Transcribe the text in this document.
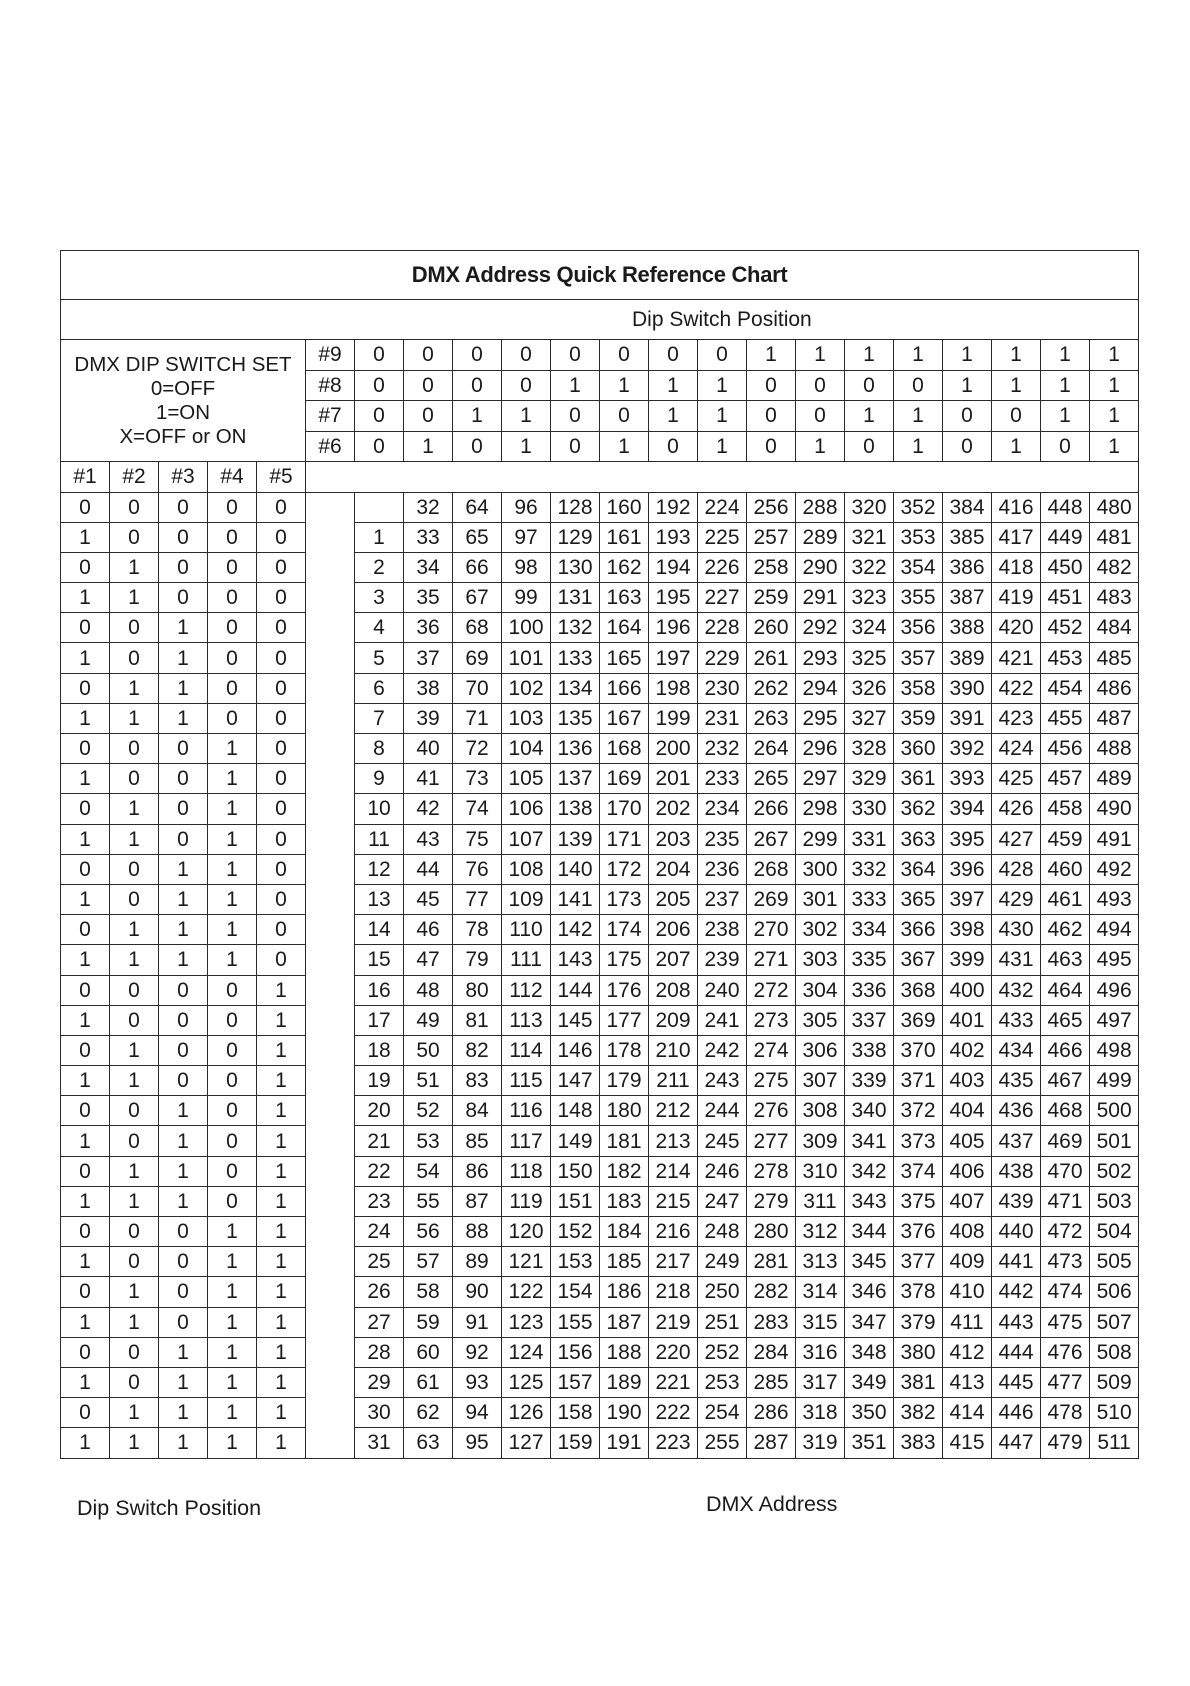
DMX Address Quick Reference Chart																					
					Dip Switch Position																

DMX DIP SWITCH SET
0=OFF
1=ON
X=OFF or ON					#9	0	0	0	0	0	0	0	0	1	1	1	1	1	1	1	1
					#8	0	0	0	0	1	1	1	1	0	0	0	0	1	1	1	1
					#7	0	0	1	1	0	0	1	1	0	0	1	1	0	0	1	1
					#6	0	1	0	1	0	1	0	1	0	1	0	1	0	1	0	1
#1	#2	#3	#4	#5																	
0	0	0	0	0			32	64	96	128	160	192	224	256	288	320	352	384	416	448	480
1	0	0	0	0		1	33	65	97	129	161	193	225	257	289	321	353	385	417	449	481
0	1	0	0	0		2	34	66	98	130	162	194	226	258	290	322	354	386	418	450	482
1	1	0	0	0		3	35	67	99	131	163	195	227	259	291	323	355	387	419	451	483
0	0	1	0	0		4	36	68	100	132	164	196	228	260	292	324	356	388	420	452	484
1	0	1	0	0		5	37	69	101	133	165	197	229	261	293	325	357	389	421	453	485
0	1	1	0	0		6	38	70	102	134	166	198	230	262	294	326	358	390	422	454	486
1	1	1	0	0		7	39	71	103	135	167	199	231	263	295	327	359	391	423	455	487
0	0	0	1	0		8	40	72	104	136	168	200	232	264	296	328	360	392	424	456	488
1	0	0	1	0		9	41	73	105	137	169	201	233	265	297	329	361	393	425	457	489
0	1	0	1	0		10	42	74	106	138	170	202	234	266	298	330	362	394	426	458	490
1	1	0	1	0		11	43	75	107	139	171	203	235	267	299	331	363	395	427	459	491
0	0	1	1	0		12	44	76	108	140	172	204	236	268	300	332	364	396	428	460	492
1	0	1	1	0		13	45	77	109	141	173	205	237	269	301	333	365	397	429	461	493
0	1	1	1	0		14	46	78	110	142	174	206	238	270	302	334	366	398	430	462	494
1	1	1	1	0		15	47	79	111	143	175	207	239	271	303	335	367	399	431	463	495
0	0	0	0	1		16	48	80	112	144	176	208	240	272	304	336	368	400	432	464	496
1	0	0	0	1		17	49	81	113	145	177	209	241	273	305	337	369	401	433	465	497
0	1	0	0	1		18	50	82	114	146	178	210	242	274	306	338	370	402	434	466	498
1	1	0	0	1		19	51	83	115	147	179	211	243	275	307	339	371	403	435	467	499
0	0	1	0	1		20	52	84	116	148	180	212	244	276	308	340	372	404	436	468	500
1	0	1	0	1		21	53	85	117	149	181	213	245	277	309	341	373	405	437	469	501
0	1	1	0	1		22	54	86	118	150	182	214	246	278	310	342	374	406	438	470	502
1	1	1	0	1		23	55	87	119	151	183	215	247	279	311	343	375	407	439	471	503
0	0	0	1	1		24	56	88	120	152	184	216	248	280	312	344	376	408	440	472	504
1	0	0	1	1		25	57	89	121	153	185	217	249	281	313	345	377	409	441	473	505
0	1	0	1	1		26	58	90	122	154	186	218	250	282	314	346	378	410	442	474	506
1	1	0	1	1		27	59	91	123	155	187	219	251	283	315	347	379	411	443	475	507
0	0	1	1	1		28	60	92	124	156	188	220	252	284	316	348	380	412	444	476	508
1	0	1	1	1		29	61	93	125	157	189	221	253	285	317	349	381	413	445	477	509
0	1	1	1	1		30	62	94	126	158	190	222	254	286	318	350	382	414	446	478	510
1	1	1	1	1		31	63	95	127	159	191	223	255	287	319	351	383	415	447	479	511
Dip Switch Position	DMX Address
